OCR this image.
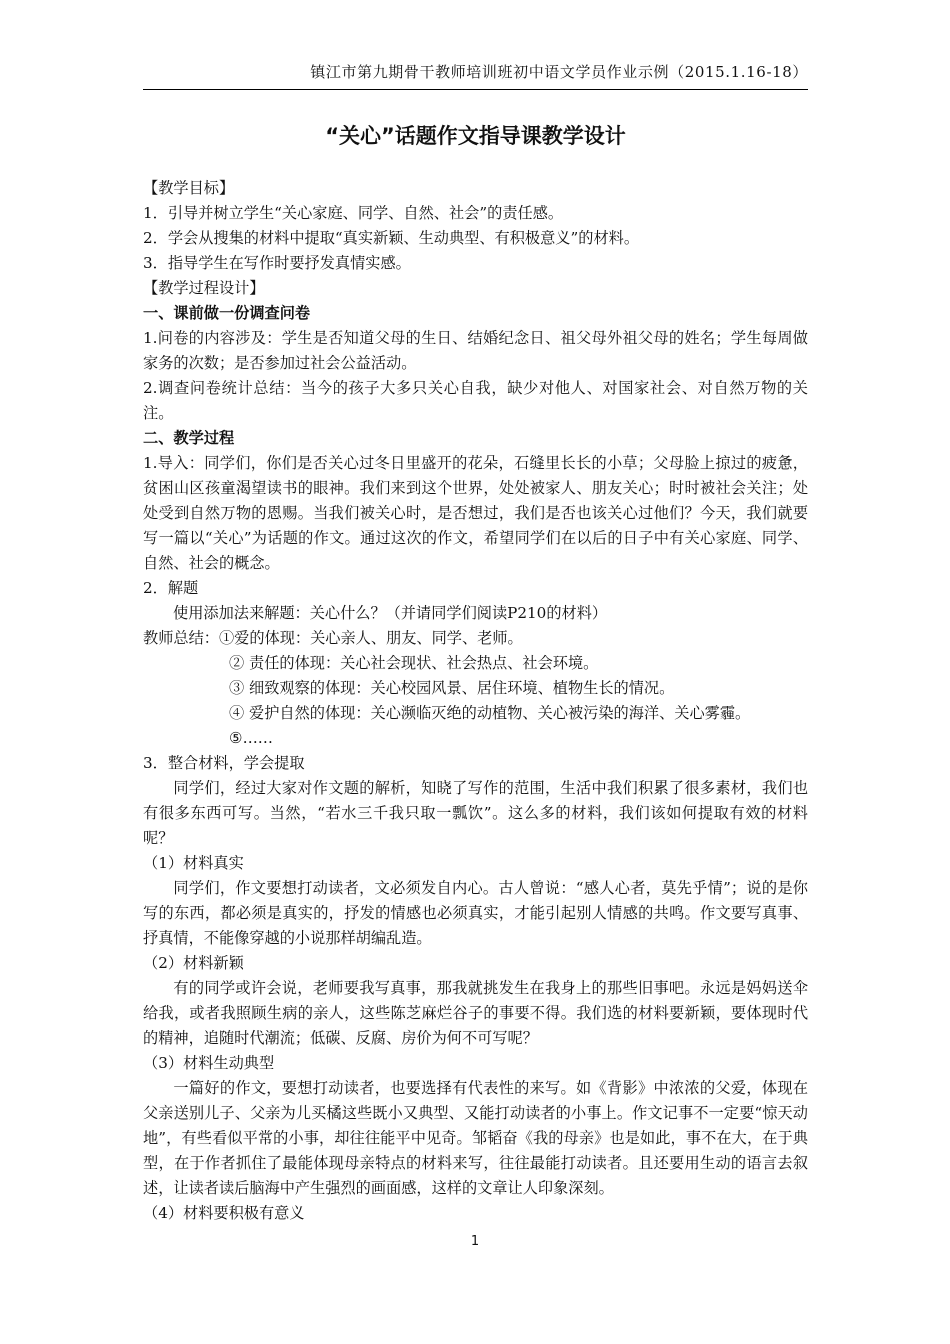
镇江市第九期骨干教师培训班初中语文学员作业示例（2015.1.16-18）
“关心”话题作文指导课教学设计
【教学目标】
1．引导并树立学生“关心家庭、同学、自然、社会”的责任感。
2．学会从搜集的材料中提取“真实新颖、生动典型、有积极意义”的材料。
3．指导学生在写作时要抒发真情实感。
【教学过程设计】
一、课前做一份调查问卷
1.问卷的内容涉及：学生是否知道父母的生日、结婚纪念日、祖父母外祖父母的姓名；学生每周做家务的次数；是否参加过社会公益活动。
2.调查问卷统计总结：当今的孩子大多只关心自我，缺少对他人、对国家社会、对自然万物的关注。
二、教学过程
1.导入：同学们，你们是否关心过冬日里盛开的花朵，石缝里长长的小草；父母脸上掠过的疲惫，贫困山区孩童渴望读书的眼神。我们来到这个世界，处处被家人、朋友关心；时时被社会关注；处处受到自然万物的恩赐。当我们被关心时，是否想过，我们是否也该关心过他们？今天，我们就要写一篇以“关心”为话题的作文。通过这次的作文，希望同学们在以后的日子中有关心家庭、同学、自然、社会的概念。
2．解题
使用添加法来解题：关心什么？（并请同学们阅读P210的材料）
教师总结：①爱的体现：关心亲人、朋友、同学、老师。
② 责任的体现：关心社会现状、社会热点、社会环境。
③ 细致观察的体现：关心校园风景、居住环境、植物生长的情况。
④ 爱护自然的体现：关心濒临灭绝的动植物、关心被污染的海洋、关心雾霾。
⑤……
3．整合材料，学会提取
同学们，经过大家对作文题的解析，知晓了写作的范围，生活中我们积累了很多素材，我们也有很多东西可写。当然，“若水三千我只取一瓢饮”。这么多的材料，我们该如何提取有效的材料呢？
（1）材料真实
同学们，作文要想打动读者，文必须发自内心。古人曾说：“感人心者，莫先乎情”；说的是你写的东西，都必须是真实的，抒发的情感也必须真实，才能引起别人情感的共鸣。作文要写真事、抒真情，不能像穿越的小说那样胡编乱造。
（2）材料新颖
有的同学或许会说，老师要我写真事，那我就挑发生在我身上的那些旧事吧。永远是妈妈送伞给我，或者我照顾生病的亲人，这些陈芝麻烂谷子的事要不得。我们选的材料要新颖，要体现时代的精神，追随时代潮流；低碳、反腐、房价为何不可写呢？
（3）材料生动典型
一篇好的作文，要想打动读者，也要选择有代表性的来写。如《背影》中浓浓的父爱，体现在父亲送别儿子、父亲为儿买橘这些既小又典型、又能打动读者的小事上。作文记事不一定要“惊天动地”，有些看似平常的小事，却往往能平中见奇。邹韬奋《我的母亲》也是如此，事不在大，在于典型，在于作者抓住了最能体现母亲特点的材料来写，往往最能打动读者。且还要用生动的语言去叙述，让读者读后脑海中产生强烈的画面感，这样的文章让人印象深刻。
（4）材料要积极有意义
1
